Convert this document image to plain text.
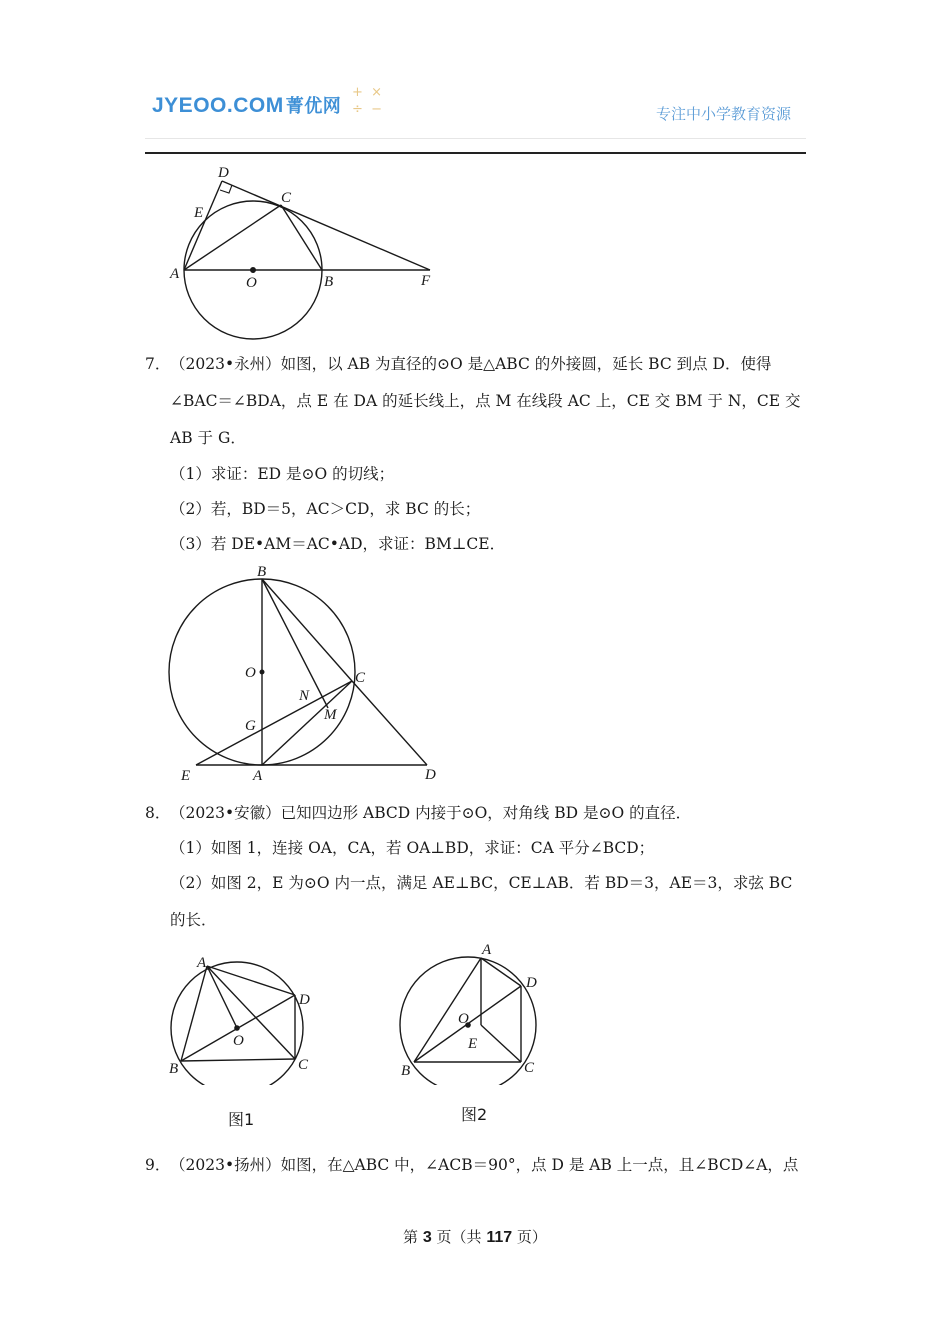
JYEOO.COM 菁优网
+ ×
÷ −	专注中小学教育资源
D
E
C
A
O	B	F
7． （2023•永州）如图，以 AB 为直径的⊙O 是△ABC 的外接圆，延长 BC 到点 D．使得
∠BAC＝∠BDA，点 E 在 DA 的延长线上，点 M 在线段 AC 上，CE 交 BM 于 N，CE 交
AB 于 G．
（1）求证：ED 是⊙O 的切线；
（2）若，BD＝5，AC＞CD，求 BC 的长；
（3）若 DE•AM＝AC•AD，求证：BM⊥CE．
B
O	C
N
M
G
E	A	D
8． （2023•安徽）已知四边形 ABCD 内接于⊙O，对角线 BD 是⊙O 的直径．
（1）如图 1，连接 OA，CA，若 OA⊥BD，求证：CA 平分∠BCD；
（2）如图 2，E 为⊙O 内一点，满足 AE⊥BC，CE⊥AB．若 BD＝3，AE＝3，求弦 BC
的长．
A
D
O
B	C
图1
A
D
O
E
B	C
图2
9． （2023•扬州）如图，在△ABC 中，∠ACB＝90°，点 D 是 AB 上一点，且∠BCD∠A，点
第 3 页（共 117 页）
